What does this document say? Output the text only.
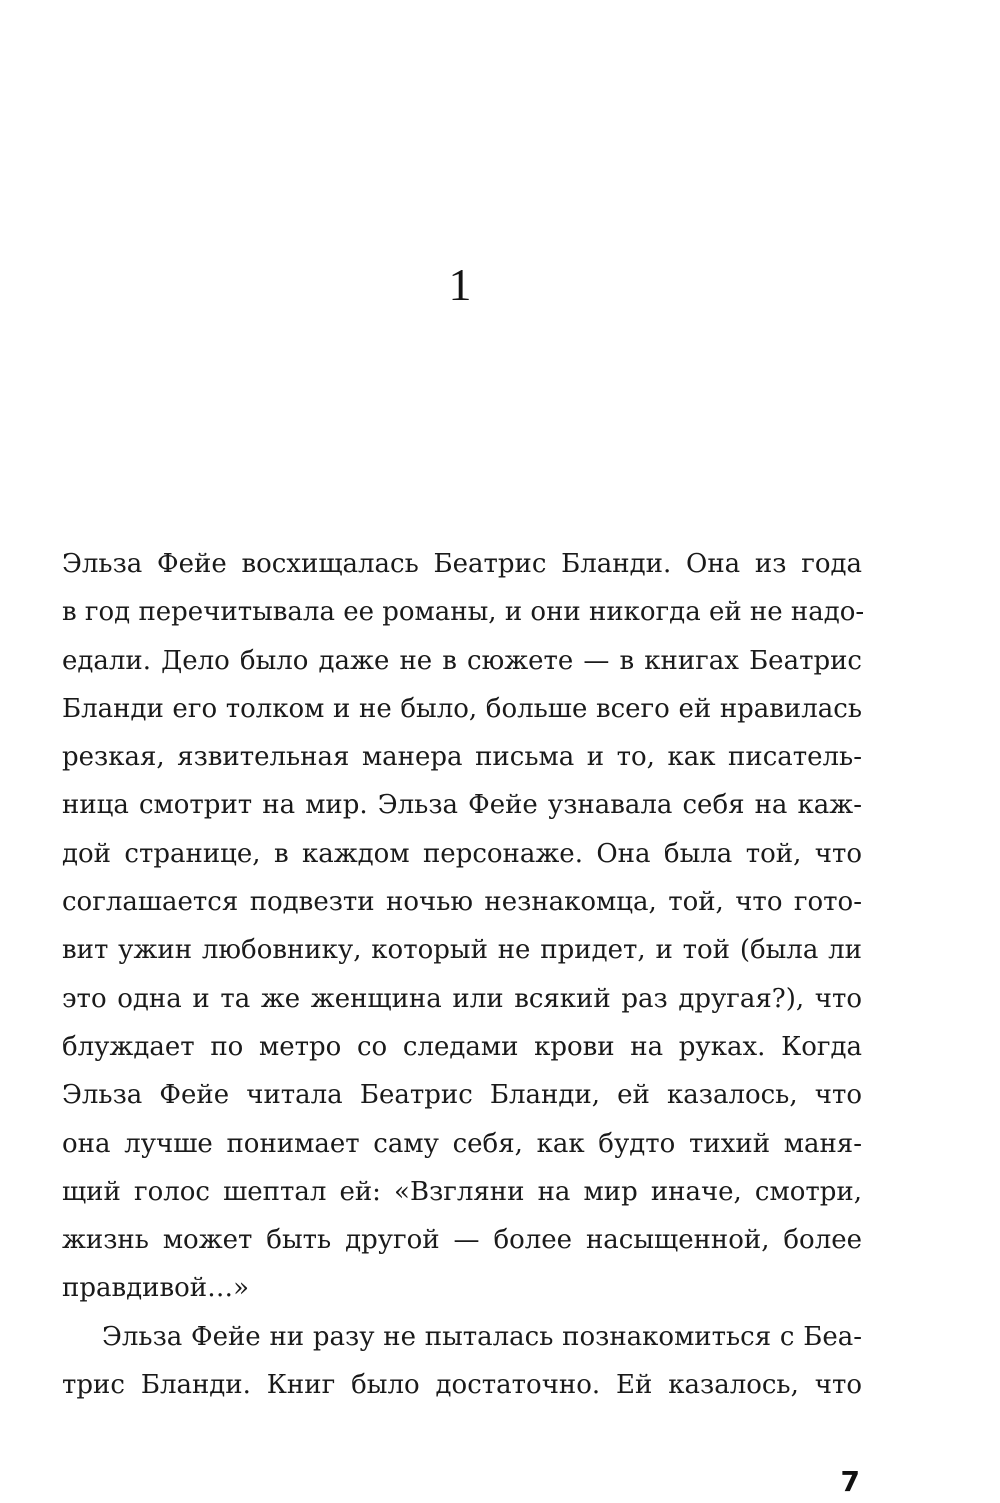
1
Эльза Фейе восхищалась Беатрис Бланди. Она из года
в год перечитывала ее романы, и они никогда ей не надо-
едали. Дело было даже не в сюжете — в книгах Беатрис
Бланди его толком и не было, больше всего ей нравилась
резкая, язвительная манера письма и то, как писатель-
ница смотрит на мир. Эльза Фейе узнавала себя на каж-
дой странице, в каждом персонаже. Она была той, что
соглашается подвезти ночью незнакомца, той, что гото-
вит ужин любовнику, который не придет, и той (была ли
это одна и та же женщина или всякий раз другая?), что
блуждает по метро со следами крови на руках. Когда
Эльза Фейе читала Беатрис Бланди, ей казалось, что
она лучше понимает саму себя, как будто тихий маня-
щий голос шептал ей: «Взгляни на мир иначе, смотри,
жизнь может быть другой — более насыщенной, более
правдивой…»
Эльза Фейе ни разу не пыталась познакомиться с Беа-
трис Бланди. Книг было достаточно. Ей казалось, что
7
